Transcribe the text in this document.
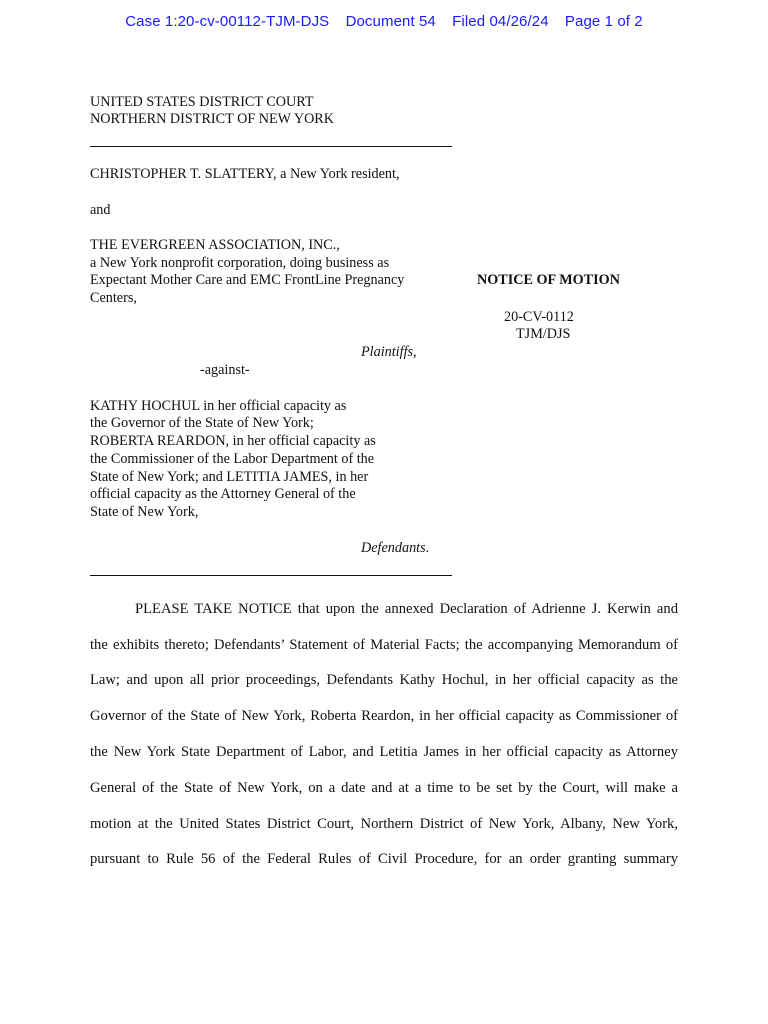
Case 1:20-cv-00112-TJM-DJS Document 54 Filed 04/26/24 Page 1 of 2
UNITED STATES DISTRICT COURT
NORTHERN DISTRICT OF NEW YORK
CHRISTOPHER T. SLATTERY, a New York resident,
and
THE EVERGREEN ASSOCIATION, INC.,
a New York nonprofit corporation, doing business as
Expectant Mother Care and EMC FrontLine Pregnancy
Centers,
Plaintiffs,
-against-
KATHY HOCHUL in her official capacity as
the Governor of the State of New York;
ROBERTA REARDON, in her official capacity as
the Commissioner of the Labor Department of the
State of New York; and LETITIA JAMES, in her
official capacity as the Attorney General of the
State of New York,
Defendants.
NOTICE OF MOTION
20-CV-0112
TJM/DJS
PLEASE TAKE NOTICE that upon the annexed Declaration of Adrienne J. Kerwin and
the exhibits thereto; Defendants’ Statement of Material Facts; the accompanying Memorandum of
Law; and upon all prior proceedings, Defendants Kathy Hochul, in her official capacity as the
Governor of the State of New York, Roberta Reardon, in her official capacity as Commissioner of
the New York State Department of Labor, and Letitia James in her official capacity as Attorney
General of the State of New York, on a date and at a time to be set by the Court, will make a
motion at the United States District Court, Northern District of New York, Albany, New York,
pursuant to Rule 56 of the Federal Rules of Civil Procedure, for an order granting summary
